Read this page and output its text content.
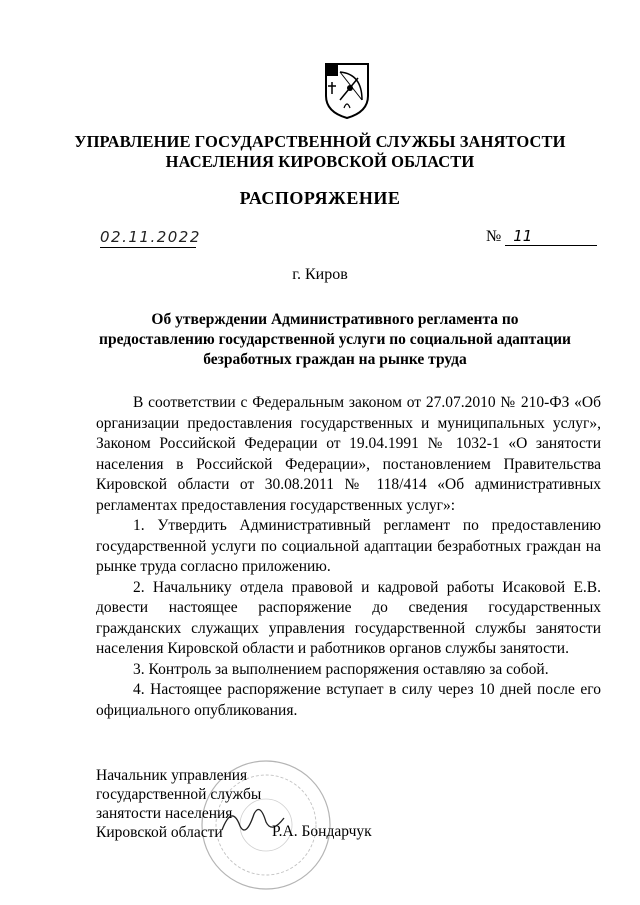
УПРАВЛЕНИЕ ГОСУДАРСТВЕННОЙ СЛУЖБЫ ЗАНЯТОСТИ
НАСЕЛЕНИЯ КИРОВСКОЙ ОБЛАСТИ
РАСПОРЯЖЕНИЕ
02.11.2022	№ 11
г. Киров
Об утверждении Административного регламента по
предоставлению государственной услуги по социальной адаптации
безработных граждан на рынке труда

В соответствии с Федеральным законом от 27.07.2010 № 210-ФЗ «Об организации предоставления государственных и муниципальных услуг», Законом Российской Федерации от 19.04.1991 № 1032-1 «О занятости населения в Российской Федерации», постановлением Правительства Кировской области от 30.08.2011 № 118/414 «Об административных регламентах предоставления государственных услуг»:

1. Утвердить Административный регламент по предоставлению государственной услуги по социальной адаптации безработных граждан на рынке труда согласно приложению.

2. Начальнику отдела правовой и кадровой работы Исаковой Е.В. довести настоящее распоряжение до сведения государственных гражданских служащих управления государственной службы занятости населения Кировской области и работников органов службы занятости.

3. Контроль за выполнением распоряжения оставляю за собой.

4. Настоящее распоряжение вступает в силу через 10 дней после его официального опубликования.

Начальник управления
государственной службы
занятости населения
Кировской области	Р.А. Бондарчук
